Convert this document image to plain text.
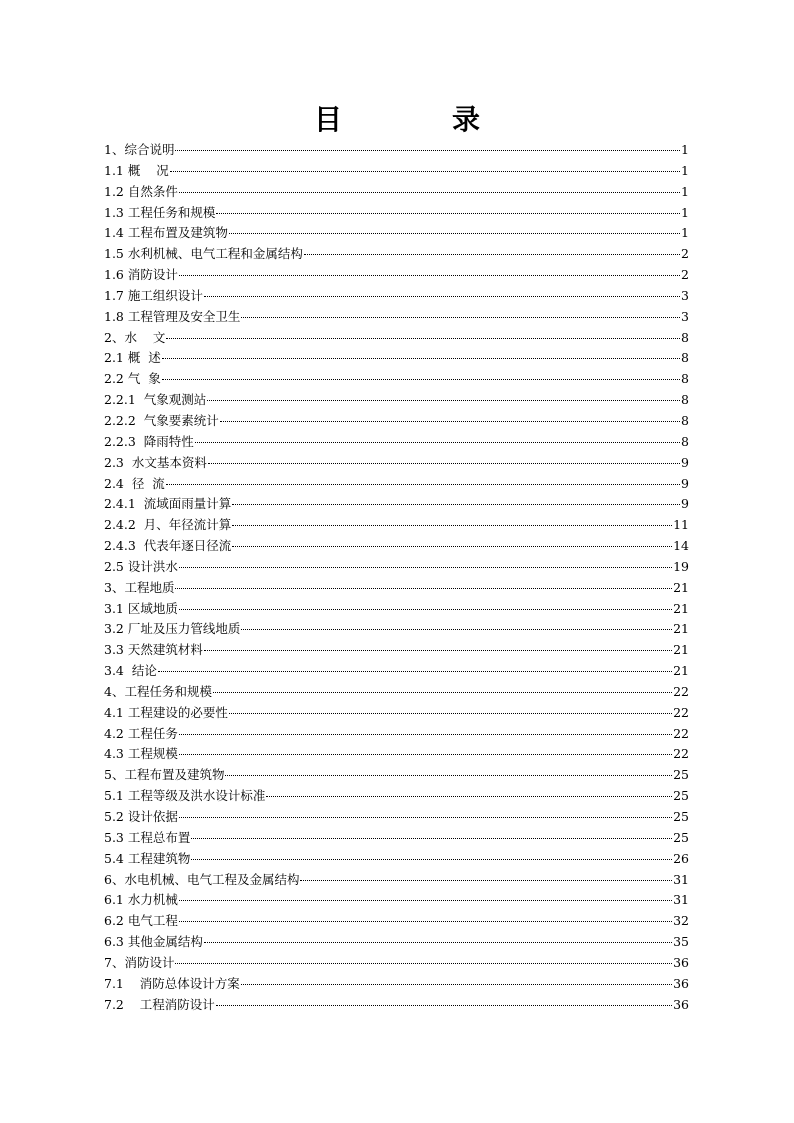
目	录
1、综合说明	1
1.1 概    况	1
1.2 自然条件	1
1.3 工程任务和规模	1
1.4 工程布置及建筑物	1
1.5 水利机械、电气工程和金属结构	2
1.6 消防设计	2
1.7 施工组织设计	3
1.8 工程管理及安全卫生	3
2、水    文	8
2.1 概  述	8
2.2 气  象	8
2.2.1  气象观测站	8
2.2.2  气象要素统计	8
2.2.3  降雨特性	8
2.3  水文基本资料	9
2.4  径  流	9
2.4.1  流域面雨量计算	9
2.4.2  月、年径流计算	11
2.4.3  代表年逐日径流	14
2.5 设计洪水	19
3、工程地质	21
3.1 区域地质	21
3.2 厂址及压力管线地质	21
3.3 天然建筑材料	21
3.4  结论	21
4、工程任务和规模	22
4.1 工程建设的必要性	22
4.2 工程任务	22
4.3 工程规模	22
5、工程布置及建筑物	25
5.1 工程等级及洪水设计标准	25
5.2 设计依据	25
5.3 工程总布置	25
5.4 工程建筑物	26
6、水电机械、电气工程及金属结构	31
6.1 水力机械	31
6.2 电气工程	32
6.3 其他金属结构	35
7、消防设计	36
7.1    消防总体设计方案	36
7.2    工程消防设计	36
